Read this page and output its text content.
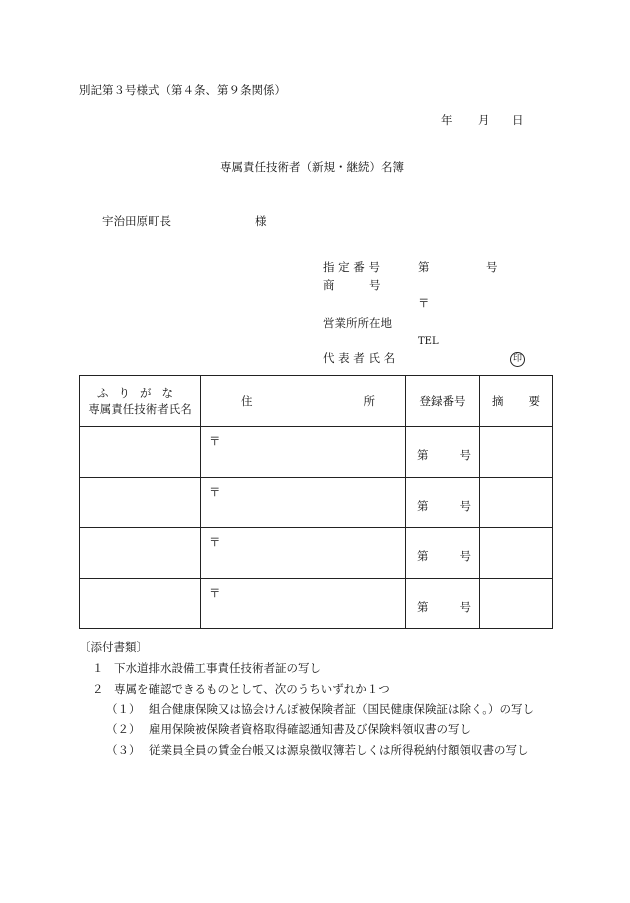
別記第３号様式（第４条、第９条関係）
年 月 日
専属責任技術者（新規・継続）名簿
宇治田原町長	様
指 定 番 号	第	号
商　　　号
〒
営業所所在地
TEL
代 表 者 氏 名	印
ふりがな
専属責任技術者氏名	住 所	登録番号	摘 要

	〒	第 号	

	〒	第 号	

	〒	第 号	

	〒	第 号	

〔添付書類〕
１ 下水道排水設備工事責任技術者証の写し
２ 専属を確認できるものとして、次のうちいずれか１つ
（１） 組合健康保険又は協会けんぽ被保険者証（国民健康保険証は除く。）の写し
（２） 雇用保険被保険者資格取得確認通知書及び保険料領収書の写し
（３） 従業員全員の賃金台帳又は源泉徴収簿若しくは所得税納付額領収書の写し
